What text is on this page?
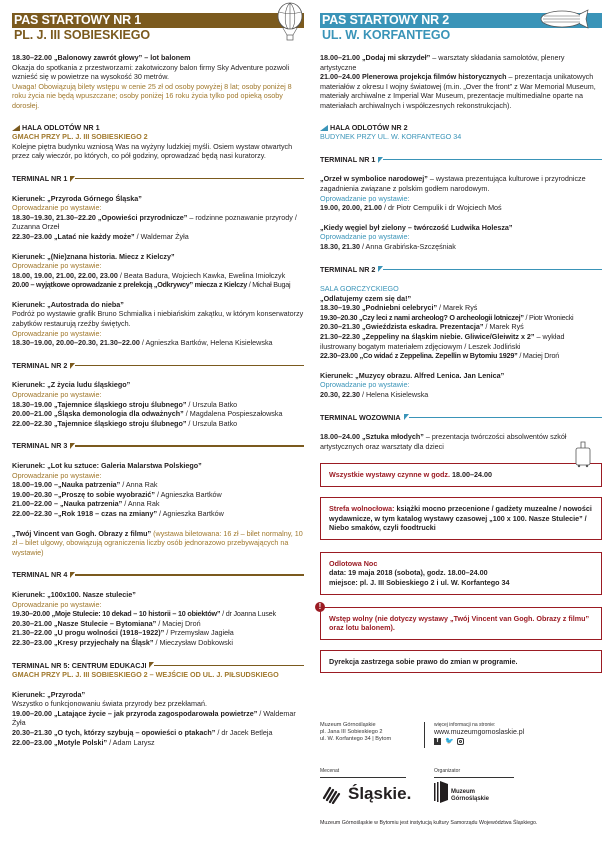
PAS STARTOWY NR 1
PL. J. III SOBIESKIEGO

18.30–22.00 „Balonowy zawrót głowy” – lot balonem

Okazja do spotkania z przestworzami: zakotwiczony balon firmy Sky Adventure pozwoli wznieść się w powietrze na wysokość 30 metrów.

Uwaga! Obowiązują bilety wstępu w cenie 25 zł od osoby powyżej 8 lat; osoby poniżej 8 roku życia nie będą wpuszczane; osoby poniżej 16 roku życia tylko pod opieką osoby dorosłej.

HALA ODLOTÓW NR 1

GMACH PRZY PL. J. III SOBIESKIEGO 2

Kolejne piętra budynku wzniosą Was na wyżyny ludzkiej myśli. Osiem wystaw otwartych przez cały wieczór, po których, co pół godziny, oprowadzać będą nasi kuratorzy.

TERMINAL NR 1

Kierunek: „Przyroda Górnego Śląska”

Oprowadzanie po wystawie:

18.30–19.30, 21.30–22.20 „Opowieści przyrodnicze” – rodzinne poznawanie przyrody / Zuzanna Orzeł

22.30–23.00 „Latać nie każdy może” / Waldemar Żyła

Kierunek: „(Nie)znana historia. Miecz z Kielczy”

Oprowadzanie po wystawie:

18.00, 19.00, 21.00, 22.00, 23.00 / Beata Badura, Wojciech Kawka, Ewelina Imiołczyk

20.00 – wyjątkowe oprowadzanie z prelekcją „Odkrywcy” miecza z Kielczy / Michał Bugaj

Kierunek: „Autostrada do nieba”

Podróż po wystawie grafik Bruno Schmialka i niebiańskim zakątku, w którym konserwatorzy zabytków restaurują rzeźby świętych.

Oprowadzanie po wystawie:

18.30–19.00, 20.00–20.30, 21.30–22.00 / Agnieszka Bartków, Helena Kisielewska

TERMINAL NR 2

Kierunek: „Z życia ludu śląskiego”

Oprowadzanie po wystawie:

18.30–19.00 „Tajemnice śląskiego stroju ślubnego” / Urszula Batko

20.00–21.00 „Śląska demonologia dla odważnych” / Magdalena Pospieszałowska

22.00–22.30 „Tajemnice śląskiego stroju ślubnego” / Urszula Batko

TERMINAL NR 3

Kierunek: „Lot ku sztuce: Galeria Malarstwa Polskiego”

Oprowadzanie po wystawie:

18.00–19.00 –„Nauka patrzenia” / Anna Rak

19.00–20.30 –„Proszę to sobie wyobrazić” / Agnieszka Bartków

21.00–22.00 – „Nauka patrzenia” / Anna Rak

22.00–22.30 –„Rok 1918 – czas na zmiany” / Agnieszka Bartków

„Twój Vincent van Gogh. Obrazy z filmu” (wystawa biletowana: 16 zł – bilet normalny, 10 zł – bilet ulgowy, obowiązują ograniczenia liczby osób jednorazowo przebywających na wystawie)

TERMINAL NR 4

Kierunek: „100x100. Nasze stulecie”

Oprowadzanie po wystawie:

19.30–20.00 „Moje Stulecie: 10 dekad – 10 historii – 10 obiektów” / dr Joanna Lusek

20.30–21.00 „Nasze Stulecie – Bytomiana” / Maciej Droń

21.30–22.00 „U progu wolności (1918–1922)” / Przemysław Jagieła

22.30–23.00 „Kresy przyjechały na Śląsk” / Mieczysław Dobkowski

TERMINAL NR 5: CENTRUM EDUKACJI

GMACH PRZY PL. J. III SOBIESKIEGO 2 – WEJŚCIE OD UL. J. PIŁSUDSKIEGO

Kierunek: „Przyroda”

Wszystko o funkcjonowaniu świata przyrody bez przekłamań.

19.00–20.00 „Latające życie – jak przyroda zagospodarowała powietrze” / Waldemar Żyła

20.30–21.30 „O tych, którzy szybują – opowieści o ptakach” / dr Jacek Betleja

22.00–23.00 „Motyle Polski” / Adam Larysz

PAS STARTOWY NR 2
UL. W. KORFANTEGO

18.00–21.00 „Dodaj mi skrzydeł” – warsztaty składania samolotów, plenery artystyczne

21.00–24.00 Plenerowa projekcja filmów historycznych – prezentacja unikatowych materiałów z okresu I wojny światowej (m.in. „Over the front” z War Memorial Museum, materiały archiwalne z Imperial War Museum, prezentacje multimedialne oparte na materiałach archiwalnych i współczesnych rekonstrukcjach).

HALA ODLOTÓW NR 2

BUDYNEK PRZY UL. W. KORFANTEGO 34

TERMINAL NR 1

„Orzeł w symbolice narodowej” – wystawa prezentująca kulturowe i przyrodnicze zagadnienia związane z polskim godłem narodowym.

Oprowadzanie po wystawie:

19.00, 20.00, 21.00 / dr Piotr Cempulik i dr Wojciech Moś

„Kiedy węgiel był zielony – twórczość Ludwika Holesza”

Oprowadzanie po wystawie:

18.30, 21.30 / Anna Grabińska-Szczęśniak

TERMINAL NR 2

SALA GORCZYCKIEGO

„Odlatujemy czem się da!”

18.30–19.30 „Podniebni celebryci” / Marek Ryś

19.30–20.30 „Czy leci z nami archeolog? O archeologii lotniczej” / Piotr Wroniecki

20.30–21.30 „Gwieździsta eskadra. Prezentacja” / Marek Ryś

21.30–22.30 „Zeppeliny na śląskim niebie. Gliwice/Gleiwitz x 2” – wykład ilustrowany bogatym materiałem zdjęciowym / Leszek Jodliński

22.30–23.00 „Co widać z Zeppelina. Zepellin w Bytomiu 1929” / Maciej Droń

Kierunek: „Muzycy obrazu. Alfred Lenica. Jan Lenica”

Oprowadzanie po wystawie:

20.30, 22.30 / Helena Kisielewska

TERMINAL WOZOWNIA

18.00–24.00 „Sztuka młodych” – prezentacja twórczości absolwentów szkół artystycznych oraz warsztaty dla dzieci

Wszystkie wystawy czynne w godz. 18.00–24.00
Strefa wolnocłowa: książki mocno przecenione / gadżety muzealne / nowości wydawnicze, w tym katalog wystawy czasowej „100 x 100. Nasze Stulecie” / Niebo smaków, czyli foodtrucki

Odlotowa Noc

data: 19 maja 2018 (sobota), godz. 18.00–24.00

miejsce: pl. J. III Sobieskiego 2 i ul. W. Korfantego 34

!
Wstęp wolny (nie dotyczy wystawy „Twój Vincent van Gogh. Obrazy z filmu” oraz lotu balonem).
Dyrekcja zastrzega sobie prawo do zmian w programie.

Muzeum Górnośląskie

pl. Jana III Sobieskiego 2

ul. W. Korfantego 34 | Bytom

więcej informacji na stronie:

www.muzeumgornoslaskie.pl

f 🐦
Mecenat	Organizator
Śląskie.	Muzeum

Górnośląskie

Muzeum Górnośląskie w Bytomiu jest instytucją kultury Samorządu Województwa Śląskiego.
